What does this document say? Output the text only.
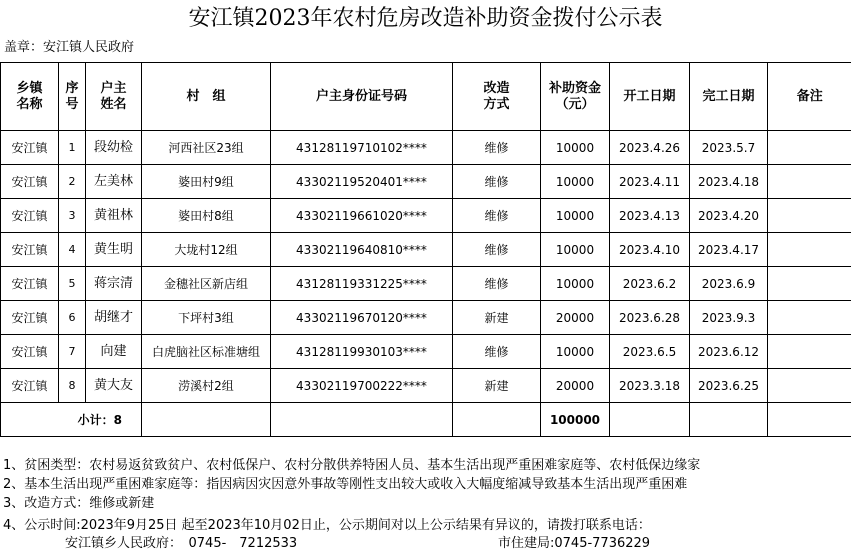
安江镇2023年农村危房改造补助资金拨付公示表
盖章：安江镇人民政府
乡镇名称	序号	户主姓名	村　组	户主身份证号码	改造方式	补助资金（元）	开工日期	完工日期	备注
安江镇	1	段幼检	河西社区23组	43128119710102****	维修	10000	2023.4.26	2023.5.7	
安江镇	2	左美林	婆田村9组	43302119520401****	维修	10000	2023.4.11	2023.4.18	
安江镇	3	黄祖林	婆田村8组	43302119661020****	维修	10000	2023.4.13	2023.4.20	
安江镇	4	黄生明	大垅村12组	43302119640810****	维修	10000	2023.4.10	2023.4.17	
安江镇	5	蒋宗清	金穗社区新店组	43128119331225****	维修	10000	2023.6.2	2023.6.9	
安江镇	6	胡继才	下坪村3组	43302119670120****	新建	20000	2023.6.28	2023.9.3	
安江镇	7	向建	白虎脑社区标准塘组	43128119930103****	维修	10000	2023.6.5	2023.6.12	
安江镇	8	黄大友	涝溪村2组	43302119700222****	新建	20000	2023.3.18	2023.6.25	
	小计：8					100000			
1、贫困类型：农村易返贫致贫户、农村低保户、农村分散供养特困人员、基本生活出现严重困难家庭等、农村低保边缘家
2、基本生活出现严重困难家庭等：指因病因灾因意外事故等刚性支出较大或收入大幅度缩减导致基本生活出现严重困难
3、改造方式：维修或新建
4、公示时间:2023年9月25日 起至2023年10月02日止，公示期间对以上公示结果有异议的，请拨打联系电话：
安江镇乡人民政府：　0745-　7212533	市住建局:0745-7736229
